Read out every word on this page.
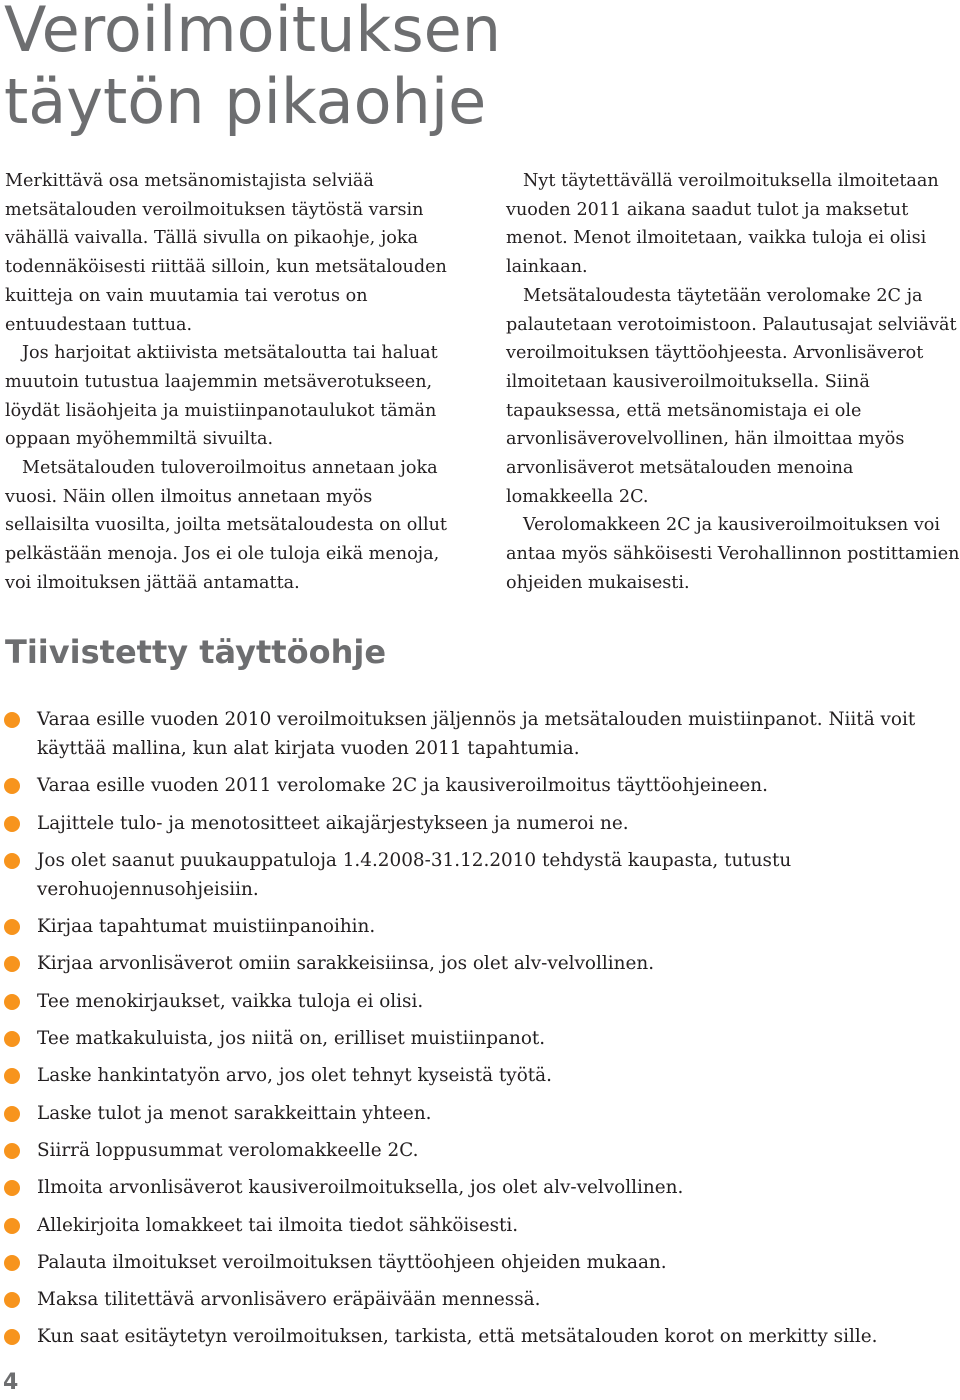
Veroilmoituksen
täytön pikaohje

Merkittävä osa metsänomistajista selviää metsätalouden veroilmoituksen täytöstä varsin vähällä vaivalla. Tällä sivulla on pikaohje, joka todennäköisesti riittää silloin, kun metsätalouden kuitteja on vain muutamia tai verotus on entuudestaan tuttua.

Jos harjoitat aktiivista metsätaloutta tai haluat muutoin tutustua laajemmin metsäverotukseen, löydät lisäohjeita ja muistiinpanotaulukot tämän oppaan myöhemmiltä sivuilta.

Metsätalouden tuloveroilmoitus annetaan joka vuosi. Näin ollen ilmoitus annetaan myös sellaisilta vuosilta, joilta metsätaloudesta on ollut pelkästään menoja. Jos ei ole tuloja eikä menoja, voi ilmoituksen jättää antamatta.

Nyt täytettävällä veroilmoituksella ilmoitetaan vuoden 2011 aikana saadut tulot ja maksetut menot. Menot ilmoitetaan, vaikka tuloja ei olisi lainkaan.

Metsätaloudesta täytetään verolomake 2C ja palautetaan verotoimistoon. Palautusajat selviävät veroilmoituksen täyttöohjeesta. Arvonlisäverot ilmoitetaan kausiveroilmoituksella. Siinä tapauksessa, että metsänomistaja ei ole arvonlisäverovelvollinen, hän ilmoittaa myös arvonlisäverot metsätalouden menoina lomakkeella 2C.

Verolomakkeen 2C ja kausiveroilmoituksen voi antaa myös sähköisesti Verohallinnon postittamien ohjeiden mukaisesti.

Tiivistetty täyttöohje
Varaa esille vuoden 2010 veroilmoituksen jäljennös ja metsätalouden muistiinpanot. Niitä voit käyttää mallina, kun alat kirjata vuoden 2011 tapahtumia.
Varaa esille vuoden 2011 verolomake 2C ja kausiveroilmoitus täyttöohjeineen.
Lajittele tulo- ja menotositteet aikajärjestykseen ja numeroi ne.
Jos olet saanut puukauppatuloja 1.4.2008-31.12.2010 tehdystä kaupasta, tutustu verohuojennusohjeisiin.
Kirjaa tapahtumat muistiinpanoihin.
Kirjaa arvonlisäverot omiin sarakkeisiinsa, jos olet alv-velvollinen.
Tee menokirjaukset, vaikka tuloja ei olisi.
Tee matkakuluista, jos niitä on, erilliset muistiinpanot.
Laske hankintatyön arvo, jos olet tehnyt kyseistä työtä.
Laske tulot ja menot sarakkeittain yhteen.
Siirrä loppusummat verolomakkeelle 2C.
Ilmoita arvonlisäverot kausiveroilmoituksella, jos olet alv-velvollinen.
Allekirjoita lomakkeet tai ilmoita tiedot sähköisesti.
Palauta ilmoitukset veroilmoituksen täyttöohjeen ohjeiden mukaan.
Maksa tilitettävä arvonlisävero eräpäivään mennessä.
Kun saat esitäytetyn veroilmoituksen, tarkista, että metsätalouden korot on merkitty sille.
4
